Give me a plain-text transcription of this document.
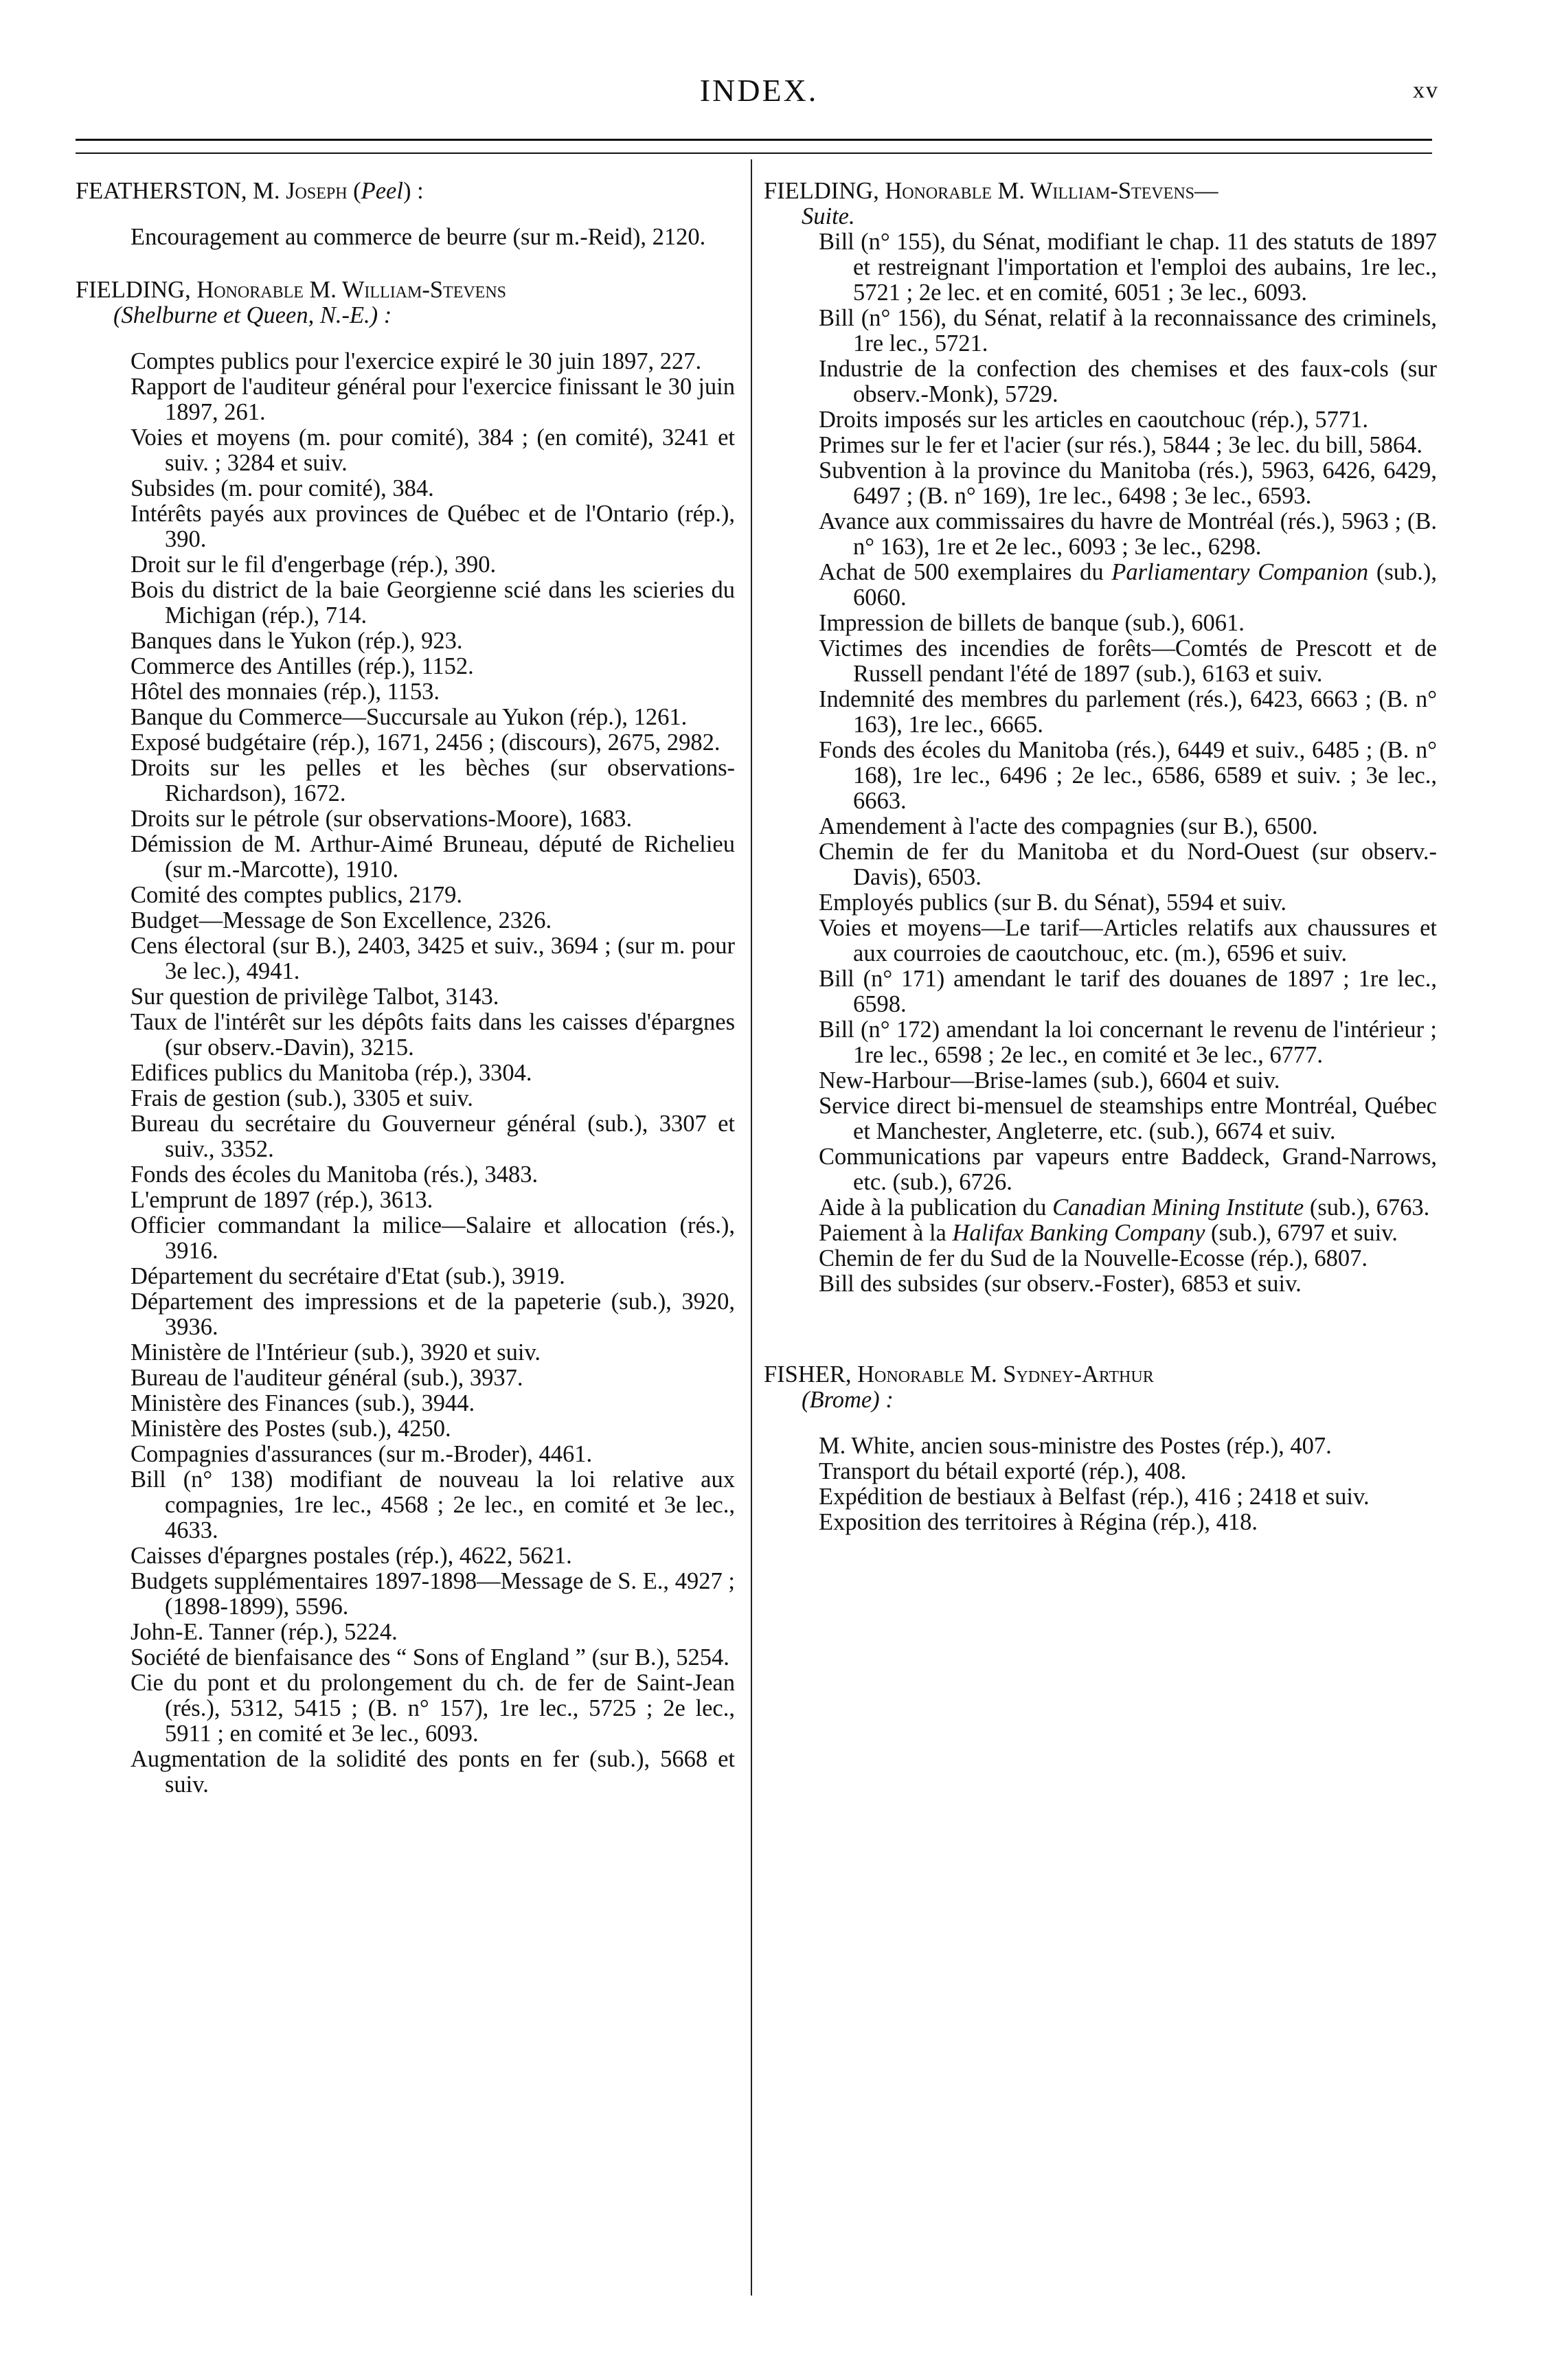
INDEX.	xv
FEATHERSTON, M. Joseph (Peel) :

Encouragement au commerce de beurre (sur m.-Reid), 2120.

FIELDING, Honorable M. William-Stevens
(Shelburne et Queen, N.-E.) :

Comptes publics pour l'exercice expiré le 30 juin 1897, 227.

Rapport de l'auditeur général pour l'exercice finissant le 30 juin 1897, 261.

Voies et moyens (m. pour comité), 384 ; (en comité), 3241 et suiv. ; 3284 et suiv.

Subsides (m. pour comité), 384.

Intérêts payés aux provinces de Québec et de l'Ontario (rép.), 390.

Droit sur le fil d'engerbage (rép.), 390.

Bois du district de la baie Georgienne scié dans les scieries du Michigan (rép.), 714.

Banques dans le Yukon (rép.), 923.

Commerce des Antilles (rép.), 1152.

Hôtel des monnaies (rép.), 1153.

Banque du Commerce—Succursale au Yukon (rép.), 1261.

Exposé budgétaire (rép.), 1671, 2456 ; (discours), 2675, 2982.

Droits sur les pelles et les bèches (sur observations-Richardson), 1672.

Droits sur le pétrole (sur observations-Moore), 1683.

Démission de M. Arthur-Aimé Bruneau, député de Richelieu (sur m.-Marcotte), 1910.

Comité des comptes publics, 2179.

Budget—Message de Son Excellence, 2326.

Cens électoral (sur B.), 2403, 3425 et suiv., 3694 ; (sur m. pour 3e lec.), 4941.

Sur question de privilège Talbot, 3143.

Taux de l'intérêt sur les dépôts faits dans les caisses d'épargnes (sur observ.-Davin), 3215.

Edifices publics du Manitoba (rép.), 3304.

Frais de gestion (sub.), 3305 et suiv.

Bureau du secrétaire du Gouverneur général (sub.), 3307 et suiv., 3352.

Fonds des écoles du Manitoba (rés.), 3483.

L'emprunt de 1897 (rép.), 3613.

Officier commandant la milice—Salaire et allocation (rés.), 3916.

Département du secrétaire d'Etat (sub.), 3919.

Département des impressions et de la papeterie (sub.), 3920, 3936.

Ministère de l'Intérieur (sub.), 3920 et suiv.

Bureau de l'auditeur général (sub.), 3937.

Ministère des Finances (sub.), 3944.

Ministère des Postes (sub.), 4250.

Compagnies d'assurances (sur m.-Broder), 4461.

Bill (n° 138) modifiant de nouveau la loi relative aux compagnies, 1re lec., 4568 ; 2e lec., en comité et 3e lec., 4633.

Caisses d'épargnes postales (rép.), 4622, 5621.

Budgets supplémentaires 1897-1898—Message de S. E., 4927 ; (1898-1899), 5596.

John-E. Tanner (rép.), 5224.

Société de bienfaisance des “ Sons of England ” (sur B.), 5254.

Cie du pont et du prolongement du ch. de fer de Saint-Jean (rés.), 5312, 5415 ; (B. n° 157), 1re lec., 5725 ; 2e lec., 5911 ; en comité et 3e lec., 6093.

Augmentation de la solidité des ponts en fer (sub.), 5668 et suiv.

FIELDING, Honorable M. William-Stevens—
Suite.

Bill (n° 155), du Sénat, modifiant le chap. 11 des statuts de 1897 et restreignant l'importation et l'emploi des aubains, 1re lec., 5721 ; 2e lec. et en comité, 6051 ; 3e lec., 6093.

Bill (n° 156), du Sénat, relatif à la reconnaissance des criminels, 1re lec., 5721.

Industrie de la confection des chemises et des faux-cols (sur observ.-Monk), 5729.

Droits imposés sur les articles en caoutchouc (rép.), 5771.

Primes sur le fer et l'acier (sur rés.), 5844 ; 3e lec. du bill, 5864.

Subvention à la province du Manitoba (rés.), 5963, 6426, 6429, 6497 ; (B. n° 169), 1re lec., 6498 ; 3e lec., 6593.

Avance aux commissaires du havre de Montréal (rés.), 5963 ; (B. n° 163), 1re et 2e lec., 6093 ; 3e lec., 6298.

Achat de 500 exemplaires du Parliamentary Companion (sub.), 6060.

Impression de billets de banque (sub.), 6061.

Victimes des incendies de forêts—Comtés de Prescott et de Russell pendant l'été de 1897 (sub.), 6163 et suiv.

Indemnité des membres du parlement (rés.), 6423, 6663 ; (B. n° 163), 1re lec., 6665.

Fonds des écoles du Manitoba (rés.), 6449 et suiv., 6485 ; (B. n° 168), 1re lec., 6496 ; 2e lec., 6586, 6589 et suiv. ; 3e lec., 6663.

Amendement à l'acte des compagnies (sur B.), 6500.

Chemin de fer du Manitoba et du Nord-Ouest (sur observ.-Davis), 6503.

Employés publics (sur B. du Sénat), 5594 et suiv.

Voies et moyens—Le tarif—Articles relatifs aux chaussures et aux courroies de caoutchouc, etc. (m.), 6596 et suiv.

Bill (n° 171) amendant le tarif des douanes de 1897 ; 1re lec., 6598.

Bill (n° 172) amendant la loi concernant le revenu de l'intérieur ; 1re lec., 6598 ; 2e lec., en comité et 3e lec., 6777.

New-Harbour—Brise-lames (sub.), 6604 et suiv.

Service direct bi-mensuel de steamships entre Montréal, Québec et Manchester, Angleterre, etc. (sub.), 6674 et suiv.

Communications par vapeurs entre Baddeck, Grand-Narrows, etc. (sub.), 6726.

Aide à la publication du Canadian Mining Institute (sub.), 6763.

Paiement à la Halifax Banking Company (sub.), 6797 et suiv.

Chemin de fer du Sud de la Nouvelle-Ecosse (rép.), 6807.

Bill des subsides (sur observ.-Foster), 6853 et suiv.

FISHER, Honorable M. Sydney-Arthur
(Brome) :

M. White, ancien sous-ministre des Postes (rép.), 407.

Transport du bétail exporté (rép.), 408.

Expédition de bestiaux à Belfast (rép.), 416 ; 2418 et suiv.

Exposition des territoires à Régina (rép.), 418.
